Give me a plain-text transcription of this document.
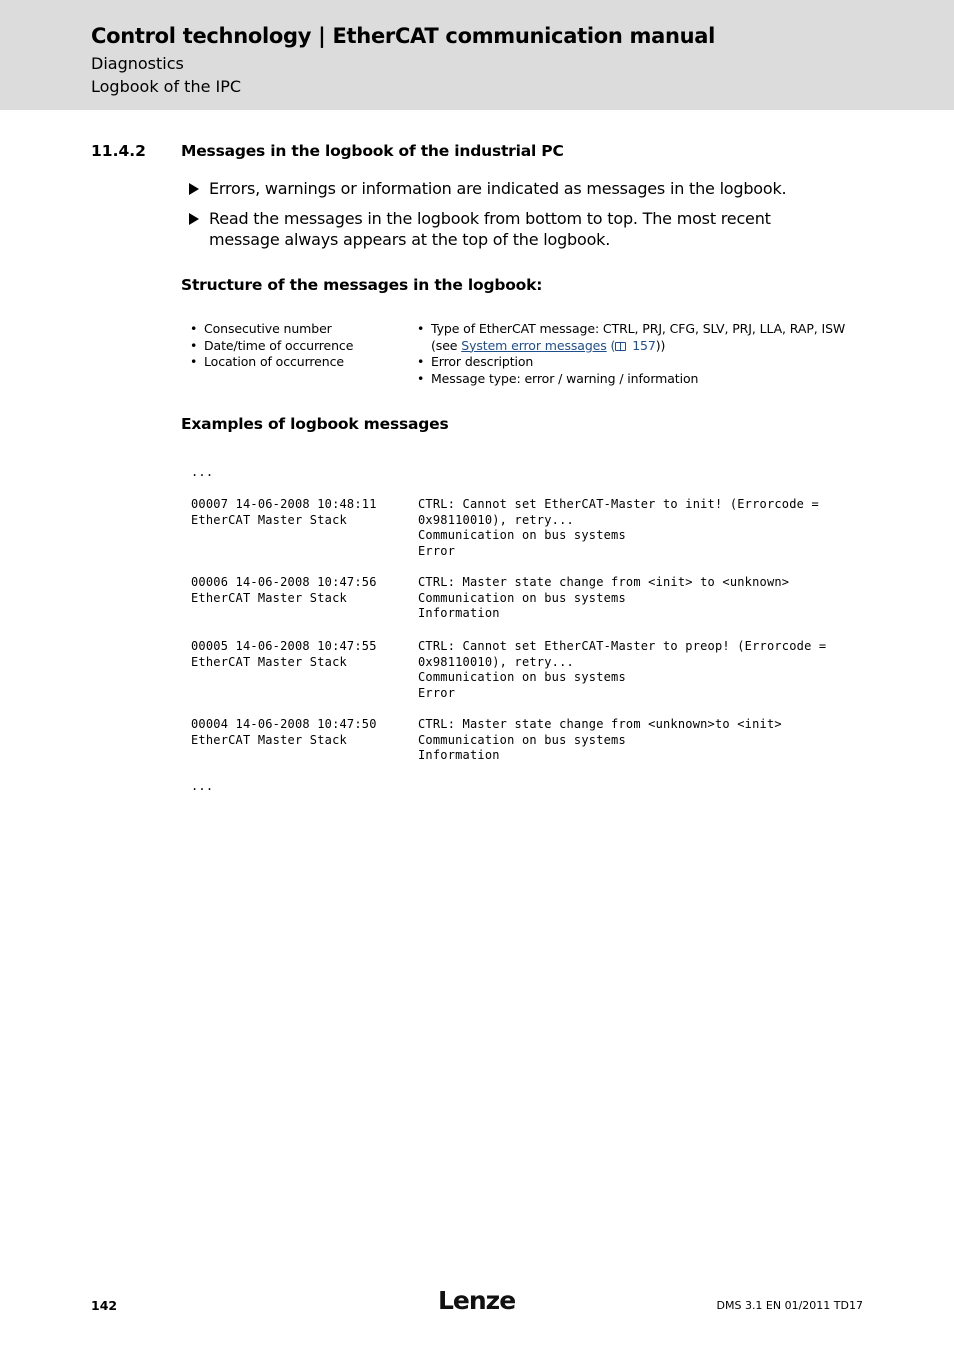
Control technology | EtherCAT communication manual
Diagnostics
Logbook of the IPC
11.4.2 Messages in the logbook of the industrial PC
Errors, warnings or information are indicated as messages in the logbook.
Read the messages in the logbook from bottom to top. The most recent message always appears at the top of the logbook.
Structure of the messages in the logbook:
• Consecutive number
• Date/time of occurrence
• Location of occurrence
• Type of EtherCAT message: CTRL, PRJ, CFG, SLV, PRJ, LLA, RAP, ISW
(see System error messages ( 157))
• Error description
• Message type: error / warning / information
Examples of logbook messages
...
00007 14-06-2008 10:48:11
EtherCAT Master Stack
CTRL: Cannot set EtherCAT-Master to init! (Errorcode =
0x98110010), retry...
Communication on bus systems
Error
00006 14-06-2008 10:47:56
EtherCAT Master Stack
CTRL: Master state change from <init> to <unknown>
Communication on bus systems
Information
00005 14-06-2008 10:47:55
EtherCAT Master Stack
CTRL: Cannot set EtherCAT-Master to preop! (Errorcode =
0x98110010), retry...
Communication on bus systems
Error
00004 14-06-2008 10:47:50
EtherCAT Master Stack
CTRL: Master state change from <unknown>to <init>
Communication on bus systems
Information
...
142	Lenze	DMS 3.1 EN 01/2011 TD17
